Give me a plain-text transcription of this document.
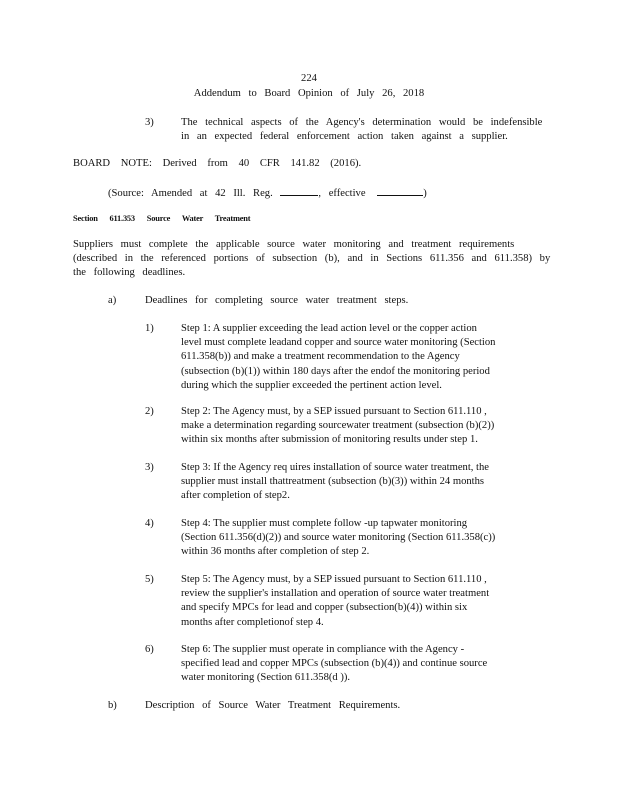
224
Addendum to Board Opinion of July 26, 2018
3)	The technical aspects of the Agency's determination would be indefensible
in an expected federal enforcement action taken against a supplier.
BOARD NOTE: Derived from 40 CFR 141.82 (2016).
(Source: Amended at 42 Ill. Reg.	, effective	)
Section 611.353 Source Water Treatment
Suppliers must complete the applicable source water monitoring and treatment requirements
(described in the referenced portions of subsection (b), and in Sections 611.356 and 611.358) by
the following deadlines.
a)	Deadlines for completing source water treatment steps.
1)	Step 1: A supplier exceeding the lead action level or the copper action
level must complete leadand copper and source water monitoring (Section
611.358(b)) and make a treatment recommendation to the Agency
(subsection (b)(1)) within 180 days after the endof the monitoring period
during which the supplier exceeded the pertinent action level.
2)	Step 2: The Agency must, by a SEP issued pursuant to Section 611.110 ,
make a determination regarding sourcewater treatment (subsection (b)(2))
within six months after submission of monitoring results under step 1.
3)	Step 3: If the Agency req uires installation of source water treatment, the
supplier must install thattreatment (subsection (b)(3)) within 24 months
after completion of step2.
4)	Step 4: The supplier must complete follow -up tapwater monitoring
(Section 611.356(d)(2)) and source water monitoring (Section 611.358(c))
within 36 months after completion of step 2.
5)	Step 5: The Agency must, by a SEP issued pursuant to Section 611.110 ,
review the supplier's installation and operation of source water treatment
and specify MPCs for lead and copper (subsection(b)(4)) within six
months after completionof step 4.
6)	Step 6: The supplier must operate in compliance with the Agency -
specified lead and copper MPCs (subsection (b)(4)) and continue source
water monitoring (Section 611.358(d )).
b)	Description of Source Water Treatment Requirements.
